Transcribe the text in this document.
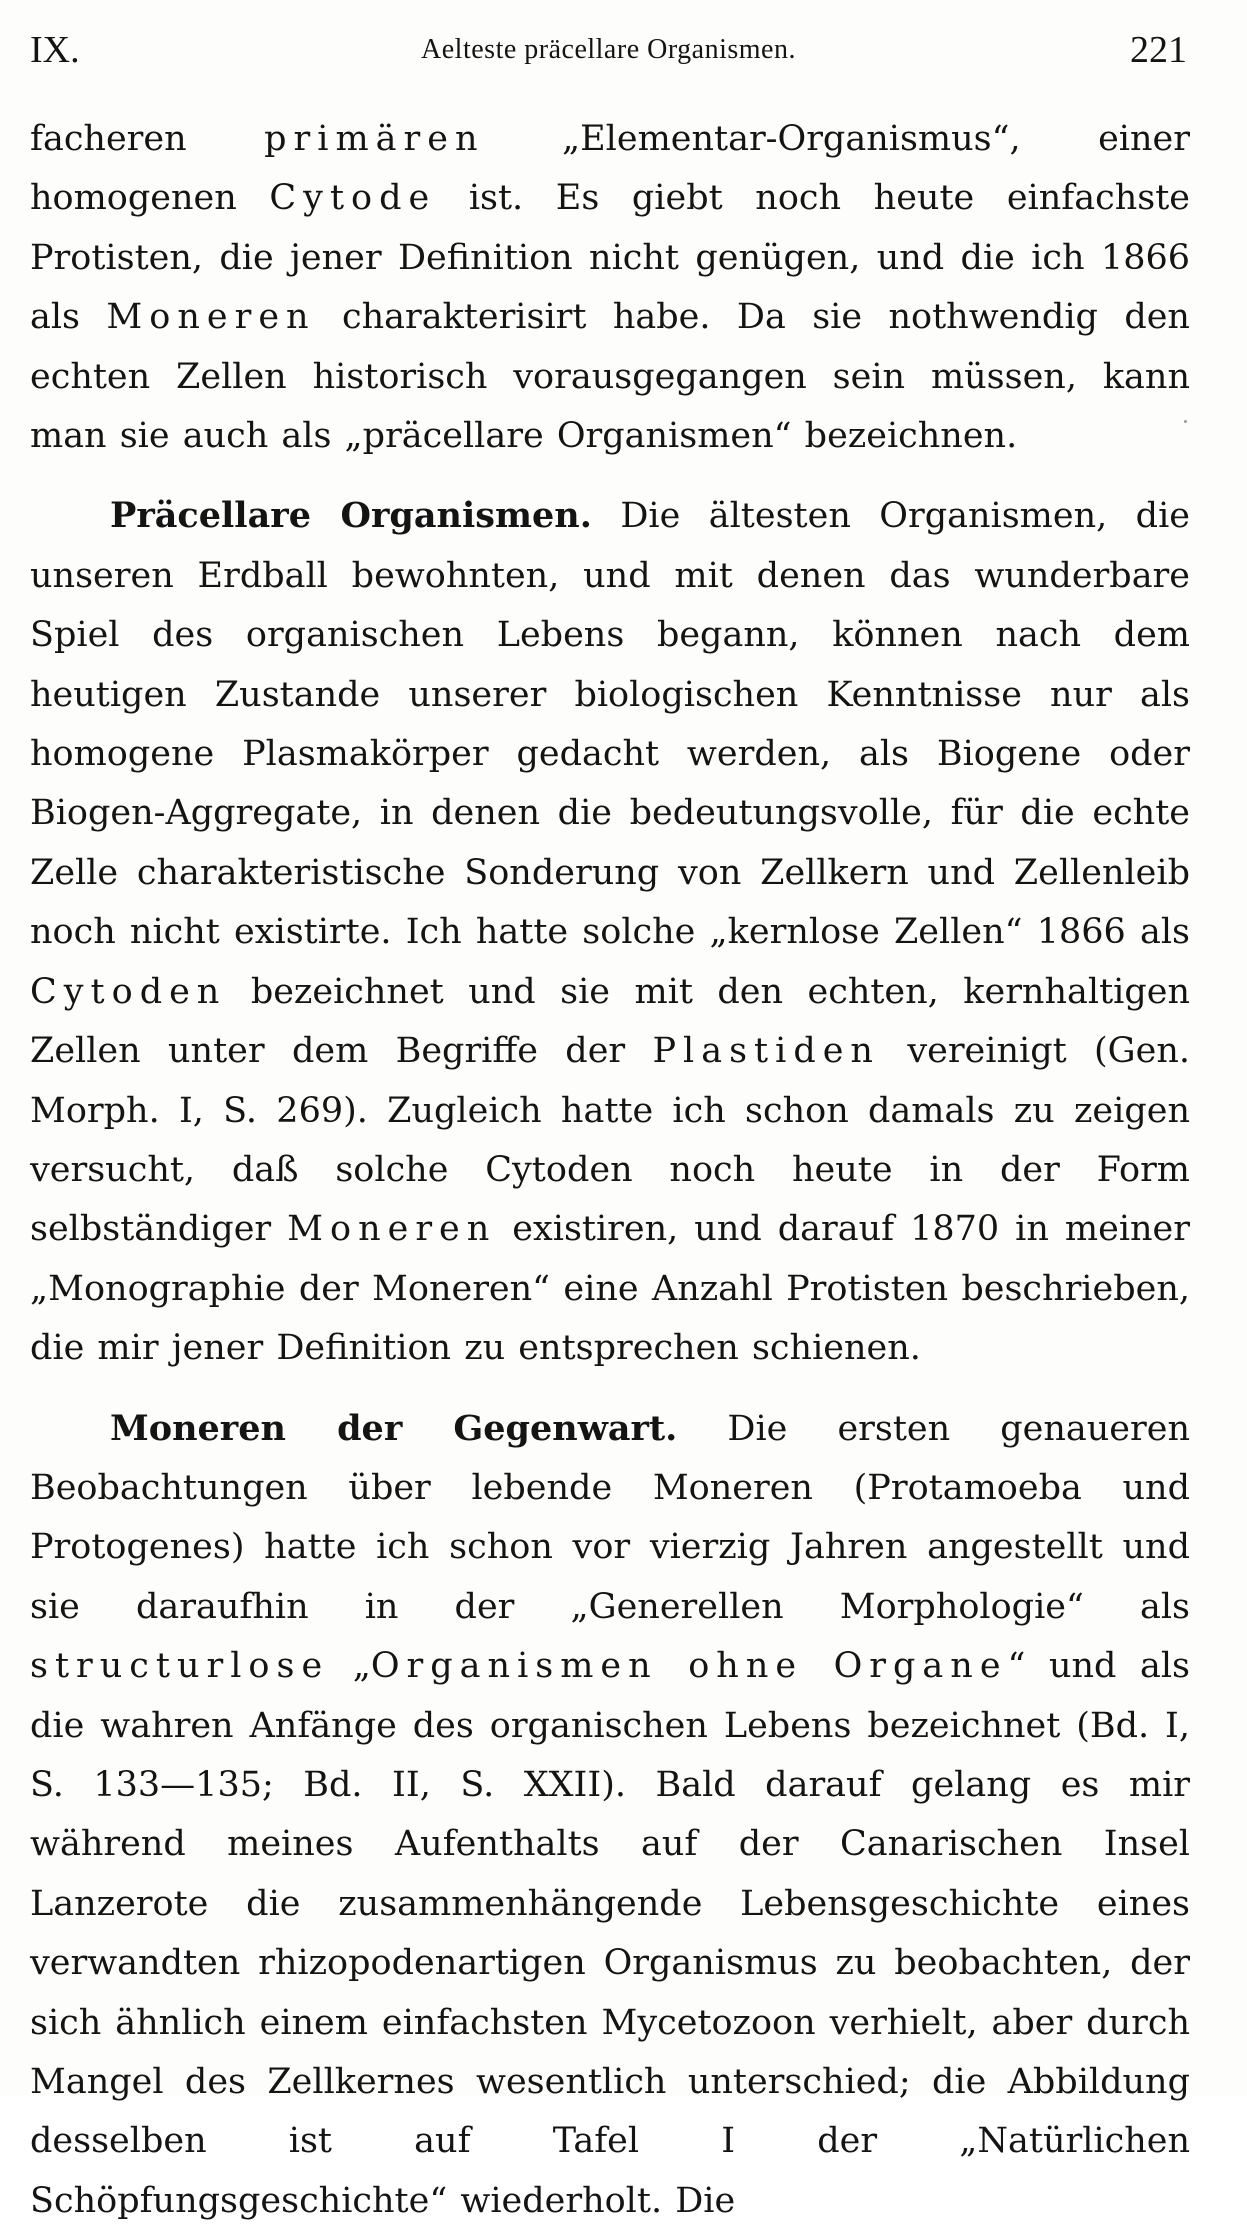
IX.	Aelteste präcellare Organismen.	221

facheren primären „Elementar-Organismus“, einer homogenen Cytode ist. Es giebt noch heute einfachste Protisten, die jener Definition nicht genügen, und die ich 1866 als Moneren charakterisirt habe. Da sie nothwendig den echten Zellen historisch vorausgegangen sein müssen, kann man sie auch als „präcellare Organismen“ bezeichnen.

Präcellare Organismen. Die ältesten Organismen, die unseren Erdball bewohnten, und mit denen das wunderbare Spiel des organischen Lebens begann, können nach dem heutigen Zustande unserer biologischen Kenntnisse nur als homogene Plasmakörper gedacht werden, als Biogene oder Biogen-Aggregate, in denen die bedeutungsvolle, für die echte Zelle charakteristische Sonderung von Zellkern und Zellenleib noch nicht existirte. Ich hatte solche „kernlose Zellen“ 1866 als Cytoden bezeichnet und sie mit den echten, kernhaltigen Zellen unter dem Begriffe der Plastiden vereinigt (Gen. Morph. I, S. 269). Zugleich hatte ich schon damals zu zeigen versucht, daß solche Cytoden noch heute in der Form selbständiger Moneren existiren, und darauf 1870 in meiner „Monographie der Moneren“ eine Anzahl Protisten beschrieben, die mir jener Definition zu entsprechen schienen.

Moneren der Gegenwart. Die ersten genaueren Beobachtungen über lebende Moneren (Protamoeba und Protogenes) hatte ich schon vor vierzig Jahren angestellt und sie daraufhin in der „Generellen Morphologie“ als structurlose „Organismen ohne Organe“ und als die wahren Anfänge des organischen Lebens bezeichnet (Bd. I, S. 133—135; Bd. II, S. XXII). Bald darauf gelang es mir während meines Aufenthalts auf der Canarischen Insel Lanzerote die zusammenhängende Lebensgeschichte eines verwandten rhizopodenartigen Organismus zu beobachten, der sich ähnlich einem einfachsten Mycetozoon verhielt, aber durch Mangel des Zellkernes wesentlich unterschied; die Abbildung desselben ist auf Tafel I der „Natürlichen Schöpfungsgeschichte“ wiederholt. Die
